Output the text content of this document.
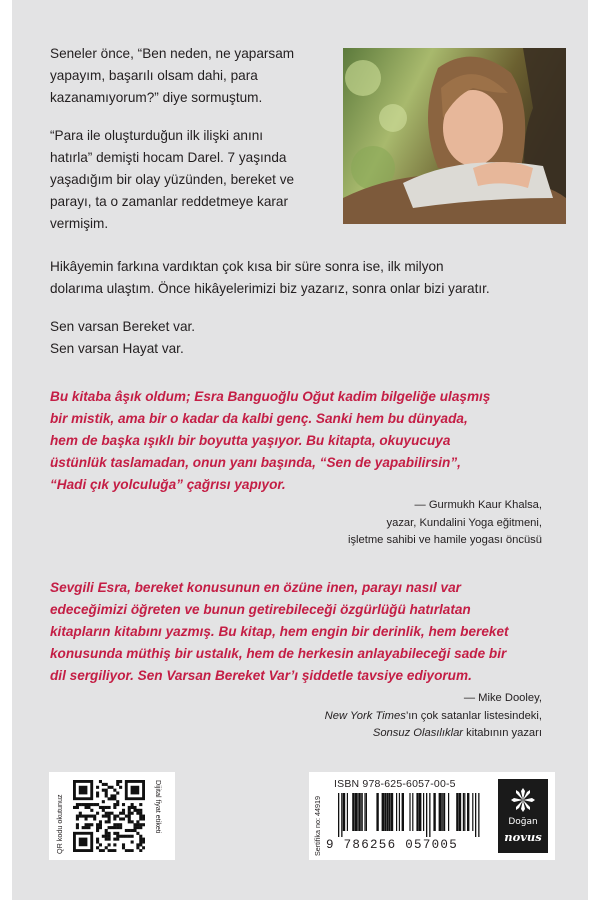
Seneler önce, “Ben neden, ne yaparsam
yapayım, başarılı olsam dahi, para
kazanamıyorum?” diye sormuştum.

“Para ile oluşturduğun ilk ilişki anını
hatırla” demişti hocam Darel. 7 yaşında
yaşadığım bir olay yüzünden, bereket ve
parayı, ta o zamanlar reddetmeye karar
vermişim.

Hikâyemin farkına vardıktan çok kısa bir süre sonra ise, ilk milyon
dolarıma ulaştım. Önce hikâyelerimizi biz yazarız, sonra onlar bizi yaratır.

Sen varsan Bereket var.
Sen varsan Hayat var.

Bu kitaba âşık oldum; Esra Banguoğlu Oğut kadim bilgeliğe ulaşmış
bir mistik, ama bir o kadar da kalbi genç. Sanki hem bu dünyada,
hem de başka ışıklı bir boyutta yaşıyor. Bu kitapta, okuyucuya
üstünlük taslamadan, onun yanı başında, “Sen de yapabilirsin”,
“Hadi çık yolculuğa” çağrısı yapıyor.

— Gurmukh Kaur Khalsa,
yazar, Kundalini Yoga eğitmeni,
işletme sahibi ve hamile yogası öncüsü

Sevgili Esra, bereket konusunun en özüne inen, parayı nasıl var
edeceğimizi öğreten ve bunun getirebileceği özgürlüğü hatırlatan
kitapların kitabını yazmış. Bu kitap, hem engin bir derinlik, hem bereket
konusunda müthiş bir ustalık, hem de herkesin anlayabileceği sade bir
dil sergiliyor. Sen Varsan Bereket Var’ı şiddetle tavsiye ediyorum.

— Mike Dooley,
New York Times’ın çok satanlar listesindeki,
Sonsuz Olasılıklar kitabının yazarı

QR kodu okutunuz	Dijital fiyat etiketi	Sertifika no: 44919
ISBN 978-625-6057-00-5
9 786256 057005
Doğan
novus
